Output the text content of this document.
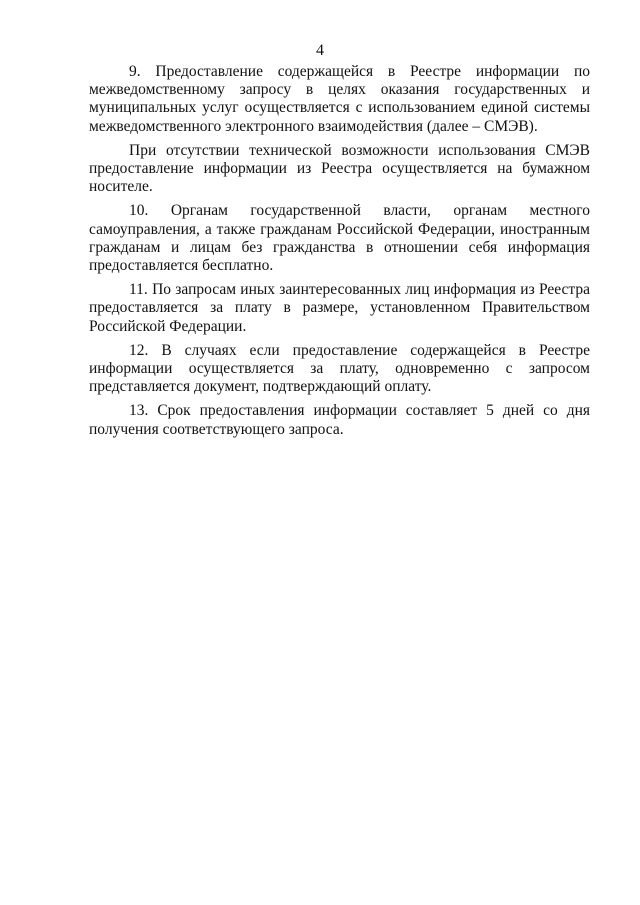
4

9. Предоставление содержащейся в Реестре информации по межведомственному запросу в целях оказания государственных и муниципальных услуг осуществляется с использованием единой системы межведомственного электронного взаимодействия (далее – СМЭВ).

При отсутствии технической возможности использования СМЭВ предоставление информации из Реестра осуществляется на бумажном носителе.

10. Органам государственной власти, органам местного самоуправления, а также гражданам Российской Федерации, иностранным гражданам и лицам без гражданства в отношении себя информация предоставляется бесплатно.

11. По запросам иных заинтересованных лиц информация из Реестра предоставляется за плату в размере, установленном Правительством Российской Федерации.

12. В случаях если предоставление содержащейся в Реестре информации осуществляется за плату, одновременно с запросом представляется документ, подтверждающий оплату.

13. Срок предоставления информации составляет 5 дней со дня получения соответствующего запроса.
